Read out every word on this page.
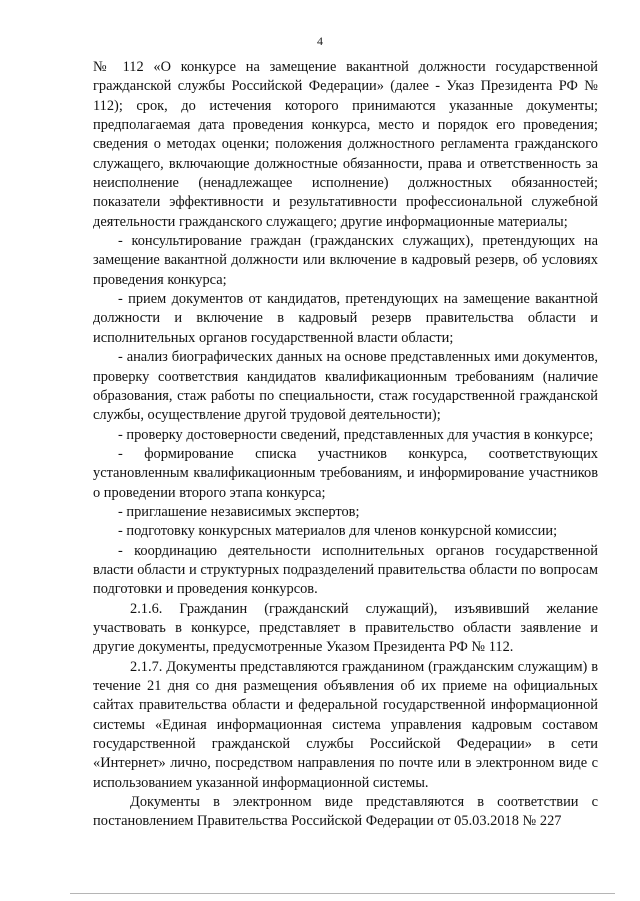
4

№ 112 «О конкурсе на замещение вакантной должности государственной гражданской службы Российской Федерации» (далее - Указ Президента РФ № 112); срок, до истечения которого принимаются указанные документы; предполагаемая дата проведения конкурса, место и порядок его проведения; сведения о методах оценки; положения должностного регламента гражданского служащего, включающие должностные обязанности, права и ответственность за неисполнение (ненадлежащее исполнение) должностных обязанностей; показатели эффективности и результативности профессиональной служебной деятельности гражданского служащего; другие информационные материалы;

- консультирование граждан (гражданских служащих), претендующих на замещение вакантной должности или включение в кадровый резерв, об условиях проведения конкурса;

- прием документов от кандидатов, претендующих на замещение вакантной должности и включение в кадровый резерв правительства области и исполнительных органов государственной власти области;

- анализ биографических данных на основе представленных ими документов, проверку соответствия кандидатов квалификационным требованиям (наличие образования, стаж работы по специальности, стаж государственной гражданской службы, осуществление другой трудовой деятельности);

- проверку достоверности сведений, представленных для участия в конкурсе;

- формирование списка участников конкурса, соответствующих установленным квалификационным требованиям, и информирование участников о проведении второго этапа конкурса;

- приглашение независимых экспертов;

- подготовку конкурсных материалов для членов конкурсной комиссии;

- координацию деятельности исполнительных органов государственной власти области и структурных подразделений правительства области по вопросам подготовки и проведения конкурсов.

2.1.6. Гражданин (гражданский служащий), изъявивший желание участвовать в конкурсе, представляет в правительство области заявление и другие документы, предусмотренные Указом Президента РФ № 112.

2.1.7. Документы представляются гражданином (гражданским служащим) в течение 21 дня со дня размещения объявления об их приеме на официальных сайтах правительства области и федеральной государственной информационной системы «Единая информационная система управления кадровым составом государственной гражданской службы Российской Федерации» в сети «Интернет» лично, посредством направления по почте или в электронном виде с использованием указанной информационной системы.

Документы в электронном виде представляются в соответствии с постановлением Правительства Российской Федерации от 05.03.2018 № 227
